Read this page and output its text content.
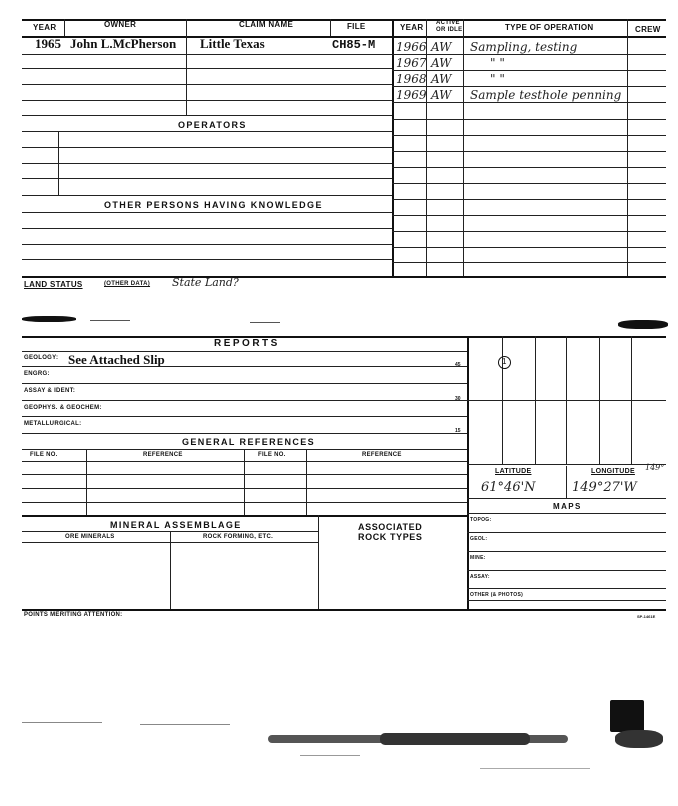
YEAR	OWNER	CLAIM NAME	FILE	YEAR ACTIVE
OR IDLE	TYPE OF OPERATION	CREW
1965 John L.McPherson Little Texas	CH85-M
OPERATORS
OTHER PERSONS HAVING KNOWLEDGE
1966 AW Sampling, testing
1967 AW	" "
1968 AW	" "
1969 AW Sample testhole penning
LAND STATUS	(OTHER DATA) State Land?
REPORTS
GEOLOGY: See Attached Slip	45
ENGRG:
ASSAY & IDENT:
30
GEOPHYS. & GEOCHEM:
METALLURGICAL:
15
GENERAL REFERENCES
FILE NO.	REFERENCE	FILE NO.	REFERENCE
MINERAL ASSEMBLAGE
ORE MINERALS	ROCK FORMING, ETC.
ASSOCIATED
ROCK TYPES
1
LATITUDE	LONGITUDE 149°
61°46'N	149°27'W
MAPS
TOPOG:
GEOL:
MINE:
ASSAY:
OTHER (& PHOTOS)
POINTS MERITING ATTENTION:	SP-1461E
